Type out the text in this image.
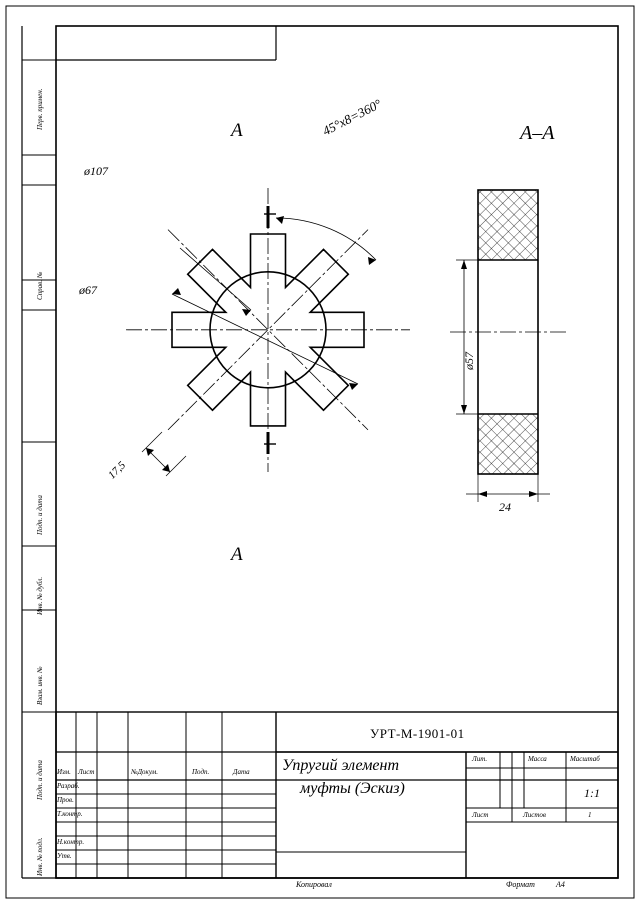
Перв. примен.
Справ. №
Подп. и дата
Инв. № дубл.
Взам. инв. №
Подп. и дата
Инв. № подл.
А
А
ø107
ø67
17,5
45°x8=360°	А–А
ø57
24
УРТ-М-1901-01
Упругий элемент
муфты (Эскиз)
Изм. Лист	№Докум.	Подп.	Дата
Разраб.
Пров.
Т.контр.
Н.контр.
Утв.
Лит.	Масса	Масштаб
1:1
Лист	Листов	1
Копировал	Формат	А4
